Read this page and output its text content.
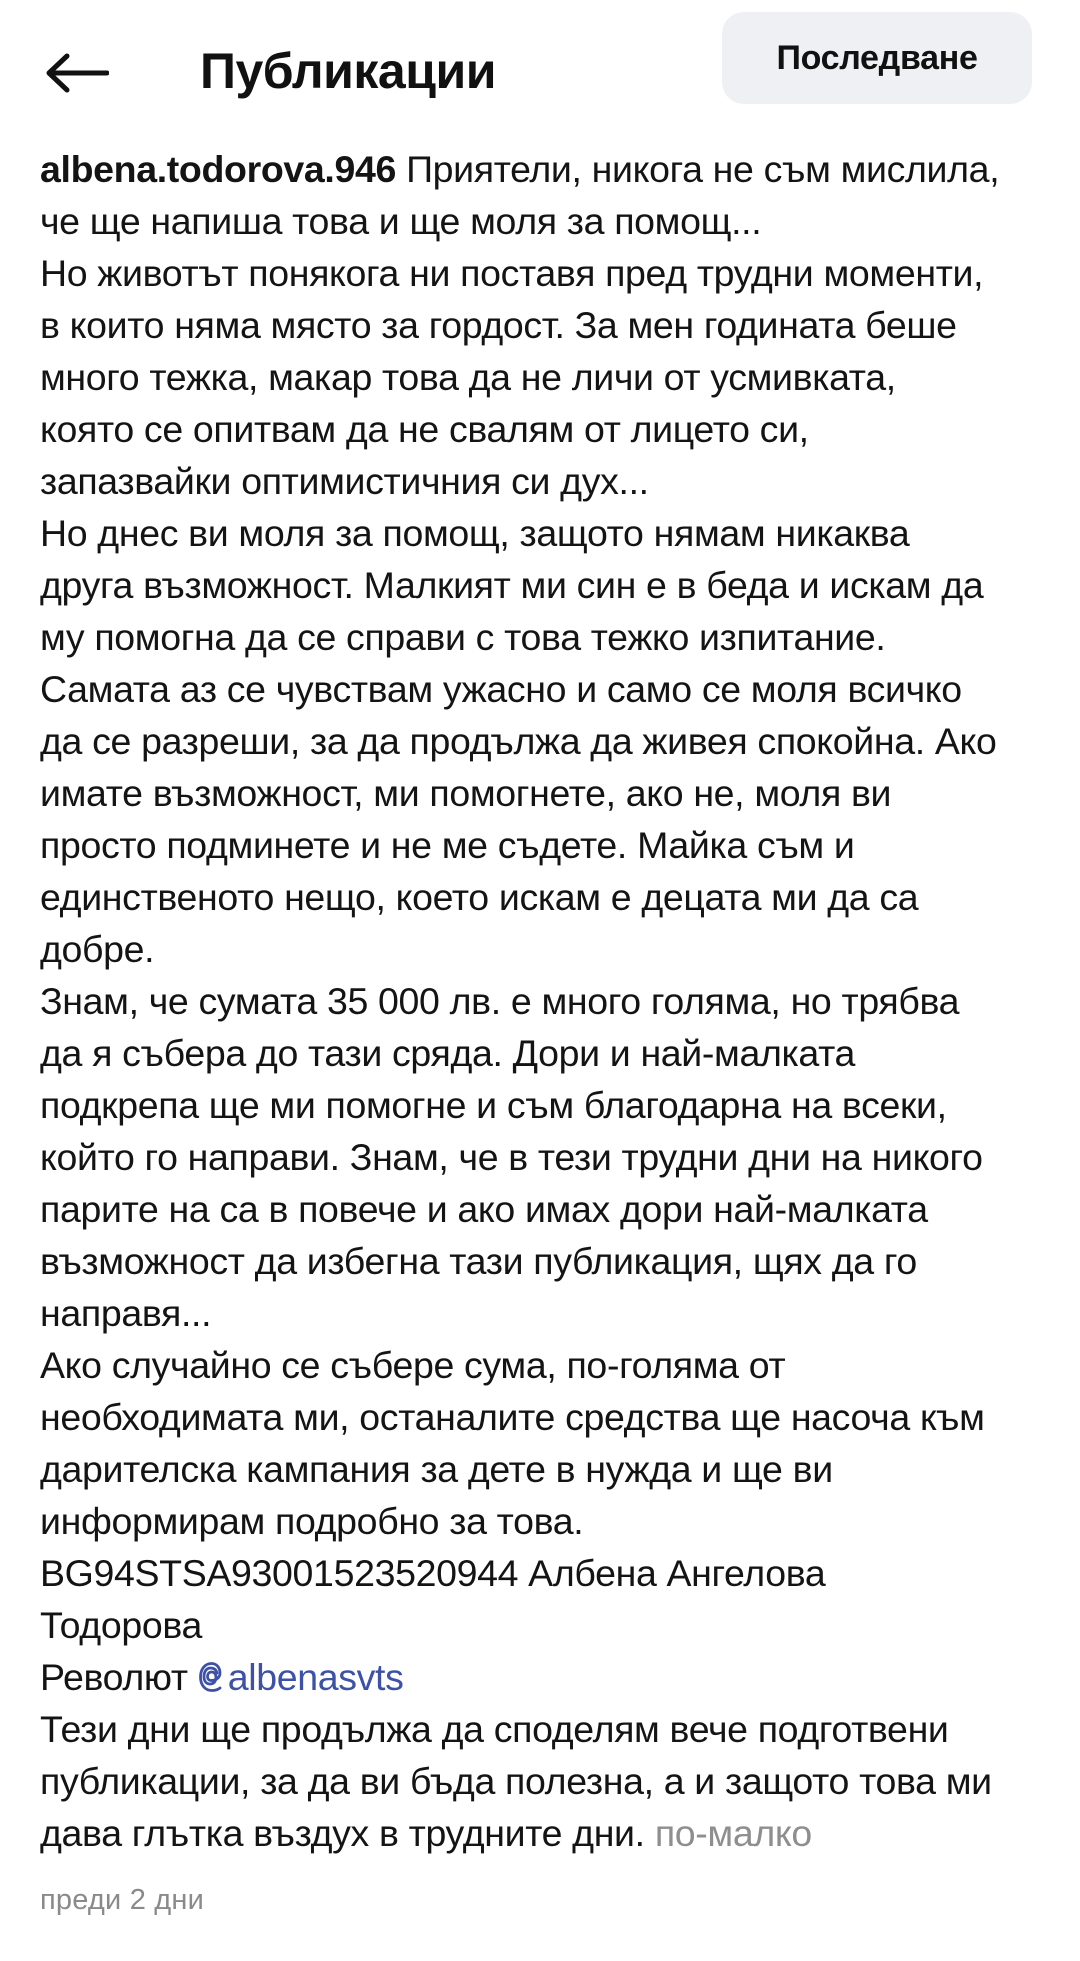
Публикации	Последване
albena.todorova.946 Приятели, никога не съм мислила,
че ще напиша това и ще моля за помощ...
Но животът понякога ни поставя пред трудни моменти,
в които няма място за гордост. За мен годината беше
много тежка, макар това да не личи от усмивката,
която се опитвам да не свалям от лицето си,
запазвайки оптимистичния си дух...
Но днес ви моля за помощ, защото нямам никаква
друга възможност. Малкият ми син е в беда и искам да
му помогна да се справи с това тежко изпитание.
Самата аз се чувствам ужасно и само се моля всичко
да се разреши, за да продължа да живея спокойна. Ако
имате възможност, ми помогнете, ако не, моля ви
просто подминете и не ме съдете. Майка съм и
единственото нещо, което искам е децата ми да са
добре.
Знам, че сумата 35 000 лв. е много голяма, но трябва
да я събера до тази сряда. Дори и най-малката
подкрепа ще ми помогне и съм благодарна на всеки,
който го направи. Знам, че в тези трудни дни на никого
парите на са в повече и ако имах дори най-малката
възможност да избегна тази публикация, щях да го
направя...
Ако случайно се събере сума, по-голяма от
необходимата ми, останалите средства ще насоча към
дарителска кампания за дете в нужда и ще ви
информирам подробно за това.
BG94STSA93001523520944 Албена Ангелова
Тодорова
Револют albenasvts
Тези дни ще продължа да споделям вече подготвени
публикации, за да ви бъда полезна, а и защото това ми
дава глътка въздух в трудните дни. по-малко
преди 2 дни
